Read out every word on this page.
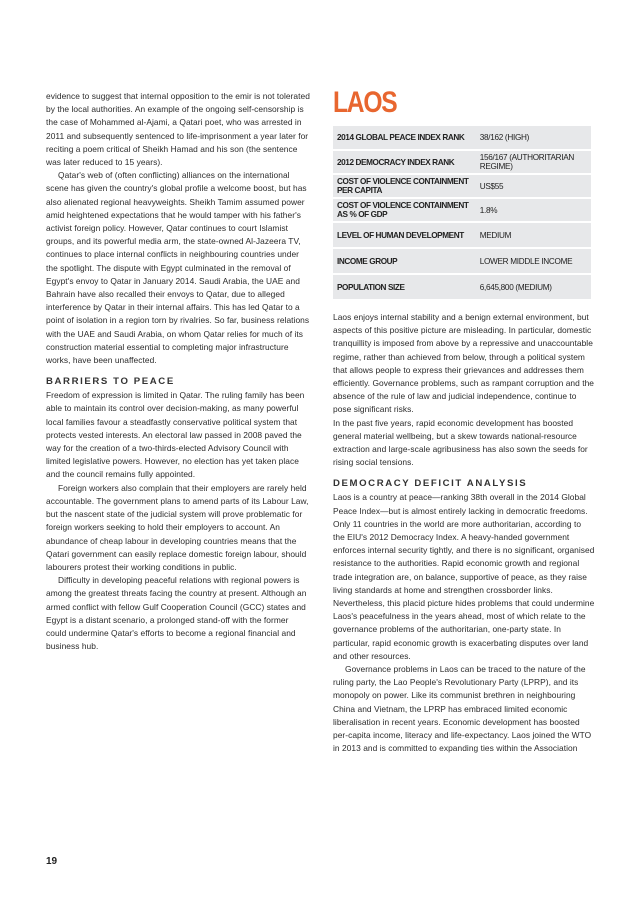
evidence to suggest that internal opposition to the emir is not tolerated by the local authorities. An example of the ongoing self-censorship is the case of Mohammed al-Ajami, a Qatari poet, who was arrested in 2011 and subsequently sentenced to life-imprisonment a year later for reciting a poem critical of Sheikh Hamad and his son (the sentence was later reduced to 15 years).

Qatar's web of (often conflicting) alliances on the international scene has given the country's global profile a welcome boost, but has also alienated regional heavyweights. Sheikh Tamim assumed power amid heightened expectations that he would tamper with his father's activist foreign policy. However, Qatar continues to court Islamist groups, and its powerful media arm, the state-owned Al-Jazeera TV, continues to place internal conflicts in neighbouring countries under the spotlight. The dispute with Egypt culminated in the removal of Egypt's envoy to Qatar in January 2014. Saudi Arabia, the UAE and Bahrain have also recalled their envoys to Qatar, due to alleged interference by Qatar in their internal affairs. This has led Qatar to a point of isolation in a region torn by rivalries. So far, business relations with the UAE and Saudi Arabia, on whom Qatar relies for much of its construction material essential to completing major infrastructure works, have been unaffected.

BARRIERS TO PEACE

Freedom of expression is limited in Qatar. The ruling family has been able to maintain its control over decision-making, as many powerful local families favour a steadfastly conservative political system that protects vested interests. An electoral law passed in 2008 paved the way for the creation of a two-thirds-elected Advisory Council with limited legislative powers. However, no election has yet taken place and the council remains fully appointed.

Foreign workers also complain that their employers are rarely held accountable. The government plans to amend parts of its Labour Law, but the nascent state of the judicial system will prove problematic for foreign workers seeking to hold their employers to account. An abundance of cheap labour in developing countries means that the Qatari government can easily replace domestic foreign labour, should labourers protest their working conditions in public.

Difficulty in developing peaceful relations with regional powers is among the greatest threats facing the country at present. Although an armed conflict with fellow Gulf Cooperation Council (GCC) states and Egypt is a distant scenario, a prolonged stand-off with the former could undermine Qatar's efforts to become a regional financial and business hub.

LAOS
2014 GLOBAL PEACE INDEX RANK	38/162 (HIGH)
2012 DEMOCRACY INDEX RANK	156/167 (AUTHORITARIAN REGIME)
COST OF VIOLENCE CONTAINMENT PER CAPITA	US$55
COST OF VIOLENCE CONTAINMENT AS % OF GDP	1.8%
LEVEL OF HUMAN DEVELOPMENT	MEDIUM
INCOME GROUP	LOWER MIDDLE INCOME
POPULATION SIZE	6,645,800 (MEDIUM)

Laos enjoys internal stability and a benign external environment, but aspects of this positive picture are misleading. In particular, domestic tranquillity is imposed from above by a repressive and unaccountable regime, rather than achieved from below, through a political system that allows people to express their grievances and addresses them efficiently. Governance problems, such as rampant corruption and the absence of the rule of law and judicial independence, continue to pose significant risks.

In the past five years, rapid economic development has boosted general material wellbeing, but a skew towards national-resource extraction and large-scale agribusiness has also sown the seeds for rising social tensions.

DEMOCRACY DEFICIT ANALYSIS

Laos is a country at peace—ranking 38th overall in the 2014 Global Peace Index—but is almost entirely lacking in democratic freedoms. Only 11 countries in the world are more authoritarian, according to the EIU's 2012 Democracy Index. A heavy-handed government enforces internal security tightly, and there is no significant, organised resistance to the authorities. Rapid economic growth and regional trade integration are, on balance, supportive of peace, as they raise living standards at home and strengthen crossborder links. Nevertheless, this placid picture hides problems that could undermine Laos's peacefulness in the years ahead, most of which relate to the governance problems of the authoritarian, one-party state. In particular, rapid economic growth is exacerbating disputes over land and other resources.

Governance problems in Laos can be traced to the nature of the ruling party, the Lao People's Revolutionary Party (LPRP), and its monopoly on power. Like its communist brethren in neighbouring China and Vietnam, the LPRP has embraced limited economic liberalisation in recent years. Economic development has boosted per-capita income, literacy and life-expectancy. Laos joined the WTO in 2013 and is committed to expanding ties within the Association

19
